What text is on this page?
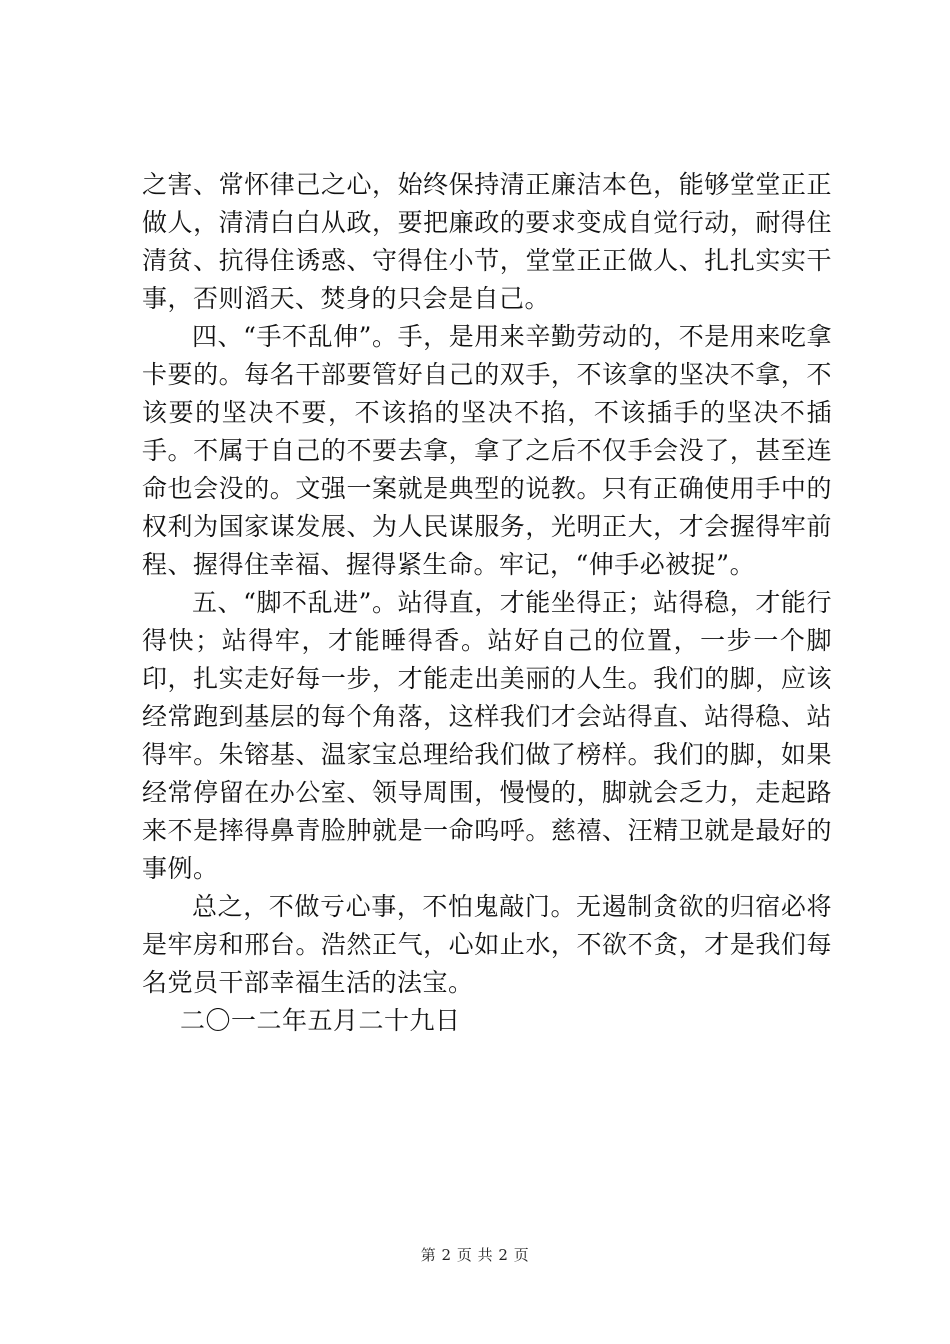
之害、常怀律己之心，始终保持清正廉洁本色，能够堂堂正正做人，清清白白从政，要把廉政的要求变成自觉行动，耐得住清贫、抗得住诱惑、守得住小节，堂堂正正做人、扎扎实实干事，否则滔天、焚身的只会是自己。

四、“手不乱伸”。手，是用来辛勤劳动的，不是用来吃拿卡要的。每名干部要管好自己的双手，不该拿的坚决不拿，不该要的坚决不要，不该掐的坚决不掐，不该插手的坚决不插手。不属于自己的不要去拿，拿了之后不仅手会没了，甚至连命也会没的。文强一案就是典型的说教。只有正确使用手中的权利为国家谋发展、为人民谋服务，光明正大，才会握得牢前程、握得住幸福、握得紧生命。牢记，“伸手必被捉”。

五、“脚不乱进”。站得直，才能坐得正；站得稳，才能行得快；站得牢，才能睡得香。站好自己的位置，一步一个脚印，扎实走好每一步，才能走出美丽的人生。我们的脚，应该经常跑到基层的每个角落，这样我们才会站得直、站得稳、站得牢。朱镕基、温家宝总理给我们做了榜样。我们的脚，如果经常停留在办公室、领导周围，慢慢的，脚就会乏力，走起路来不是摔得鼻青脸肿就是一命呜呼。慈禧、汪精卫就是最好的事例。

总之，不做亏心事，不怕鬼敲门。无遏制贪欲的归宿必将是牢房和邢台。浩然正气，心如止水，不欲不贪，才是我们每名党员干部幸福生活的法宝。

二〇一二年五月二十九日

第 2 页 共 2 页
